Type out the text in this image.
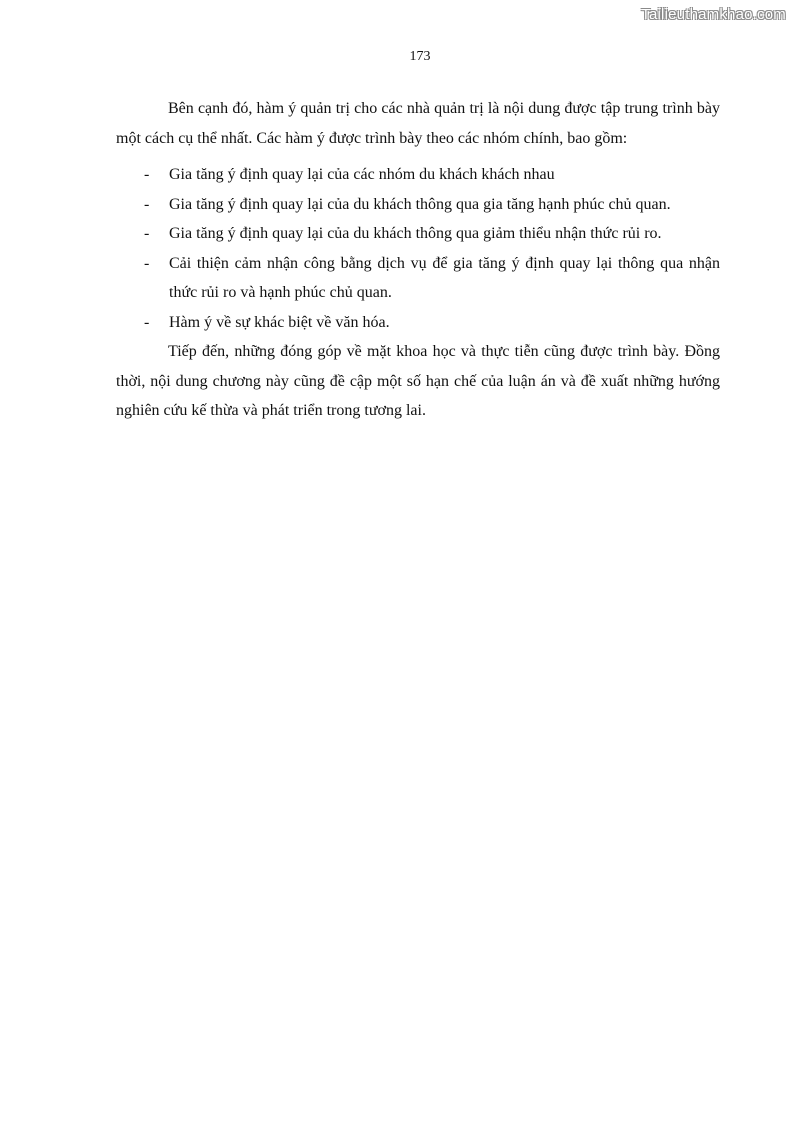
Tailieuthamkhao.com
173

Bên cạnh đó, hàm ý quản trị cho các nhà quản trị là nội dung được tập trung trình bày một cách cụ thể nhất. Các hàm ý được trình bày theo các nhóm chính, bao gồm:

- Gia tăng ý định quay lại của các nhóm du khách khách nhau
- Gia tăng ý định quay lại của du khách thông qua gia tăng hạnh phúc chủ quan.
- Gia tăng ý định quay lại của du khách thông qua giảm thiểu nhận thức rủi ro.
- Cải thiện cảm nhận công bằng dịch vụ để gia tăng ý định quay lại thông qua nhận thức rủi ro và hạnh phúc chủ quan.
- Hàm ý về sự khác biệt về văn hóa.

Tiếp đến, những đóng góp về mặt khoa học và thực tiễn cũng được trình bày. Đồng thời, nội dung chương này cũng đề cập một số hạn chế của luận án và đề xuất những hướng nghiên cứu kế thừa và phát triển trong tương lai.
